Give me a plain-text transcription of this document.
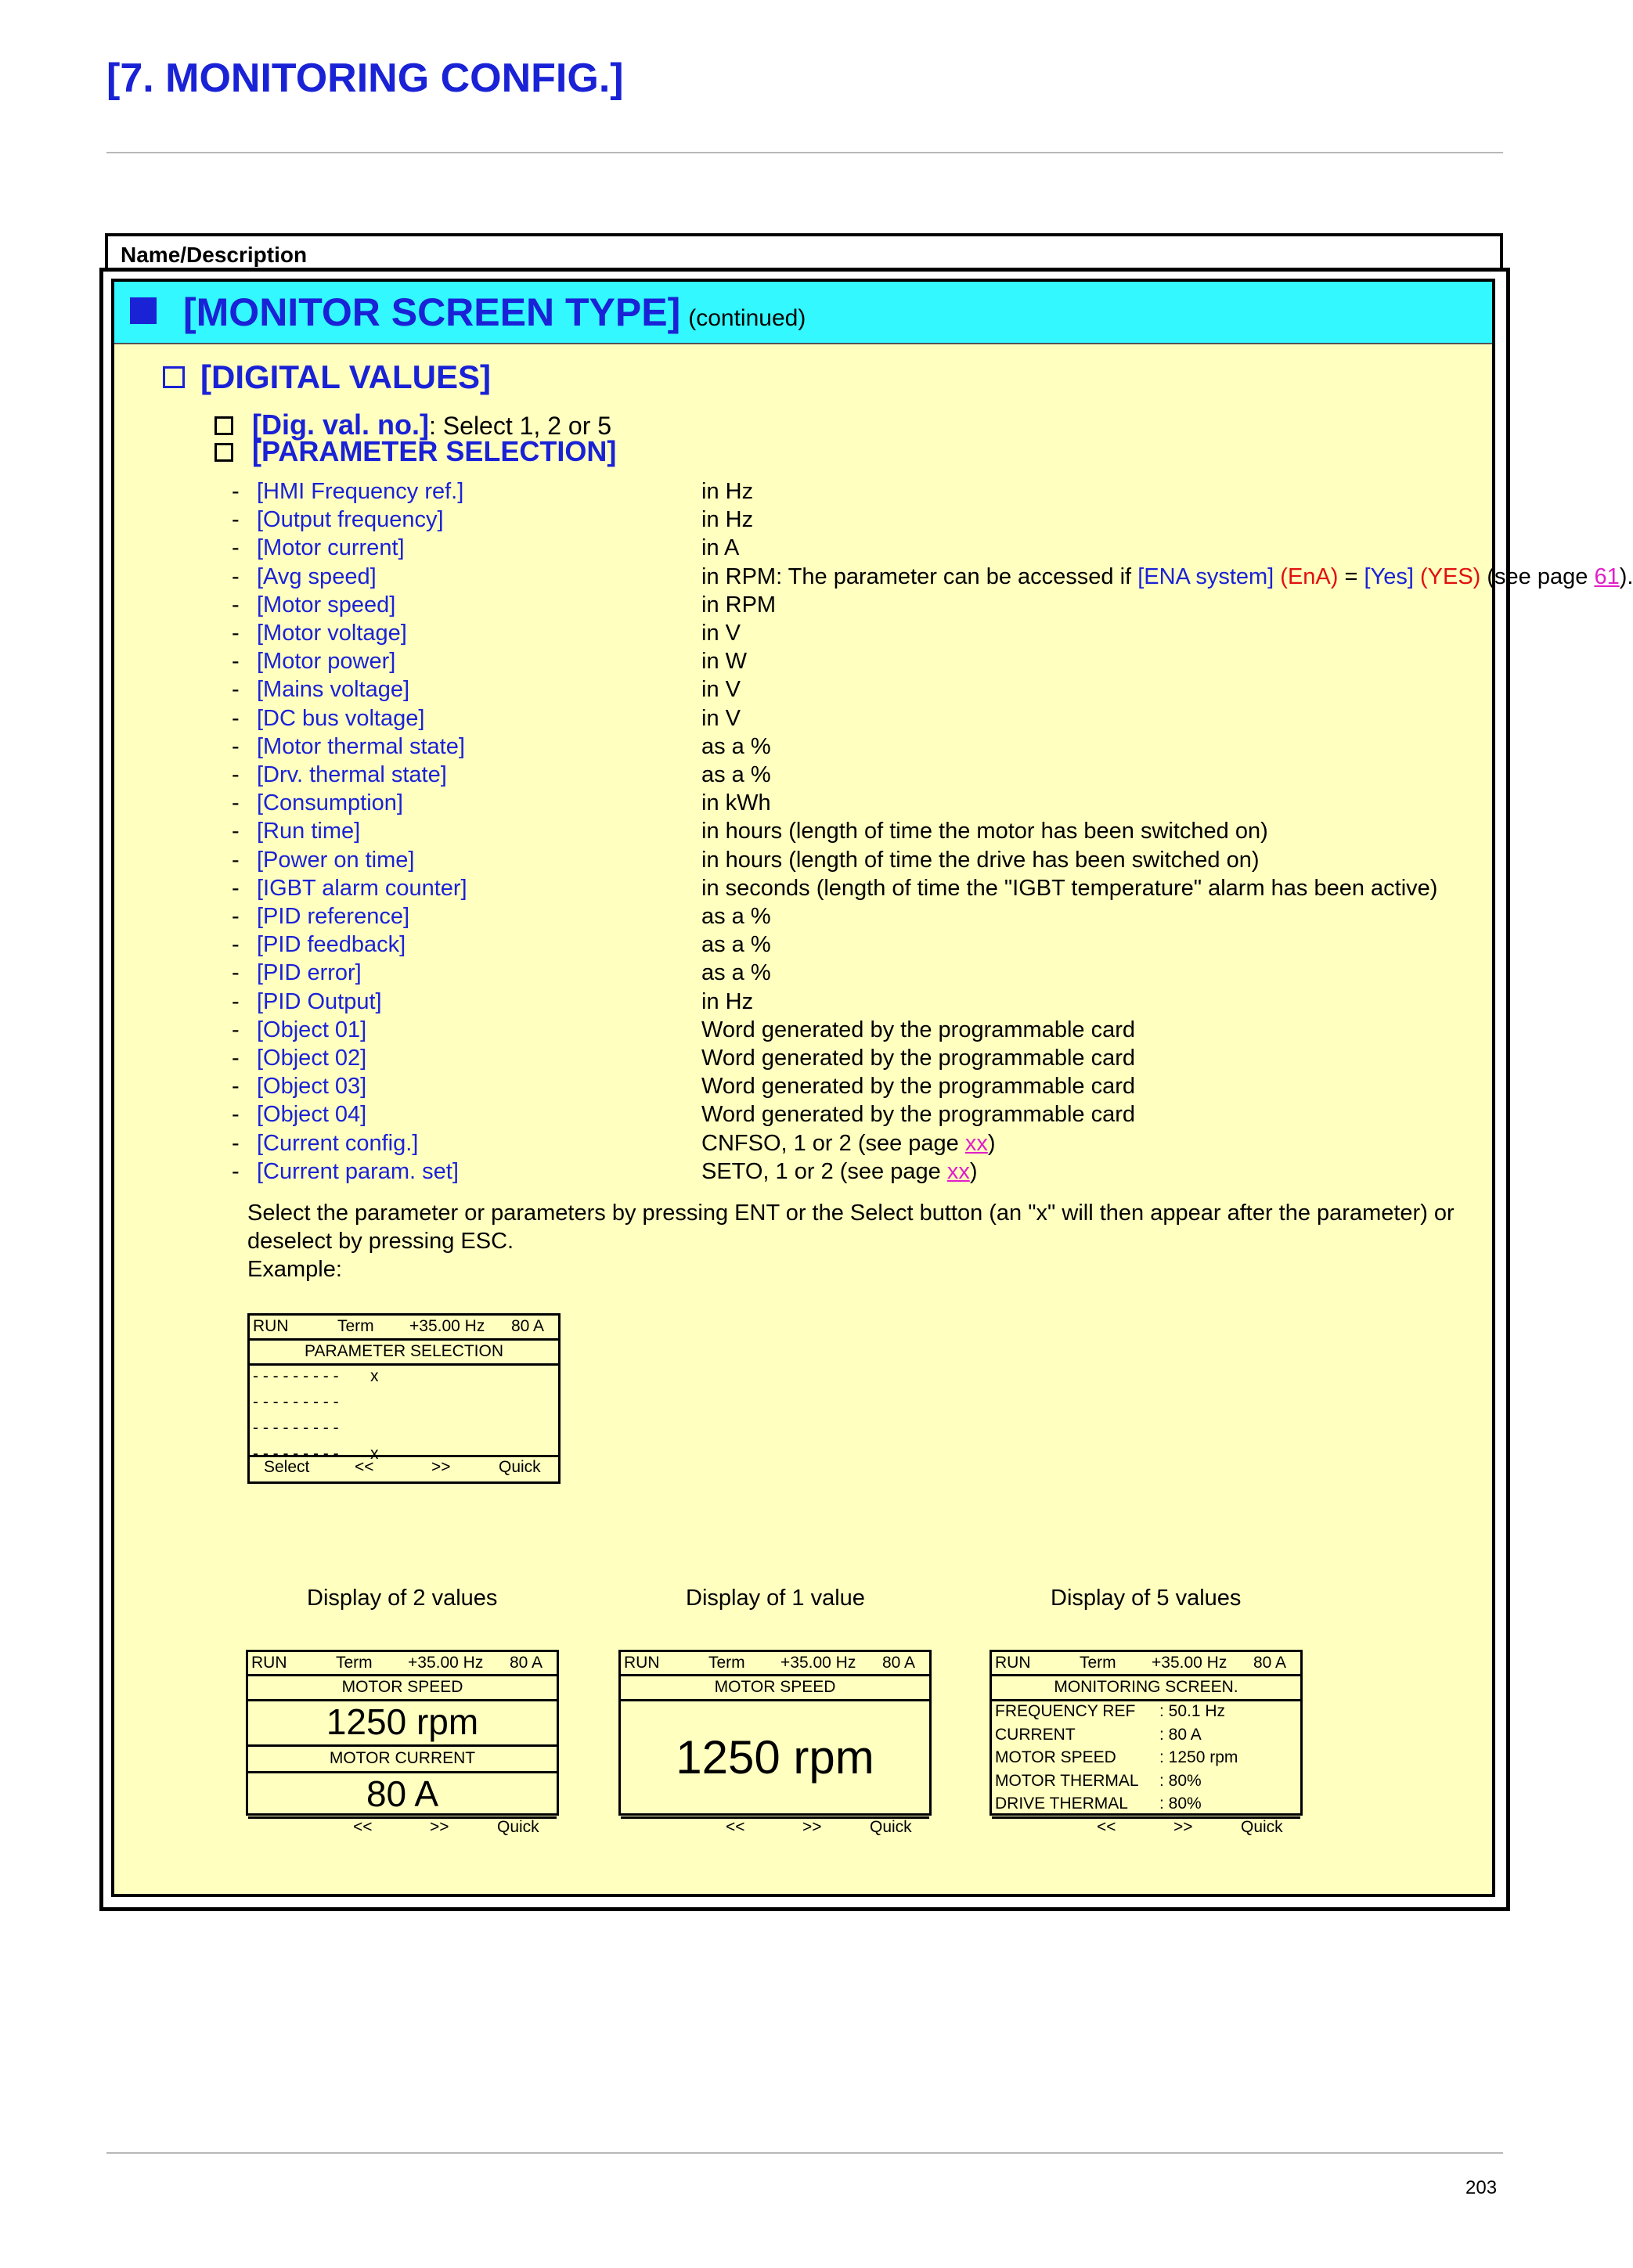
[7. MONITORING CONFIG.]
Name/Description
[MONITOR SCREEN TYPE] (continued)
[DIGITAL VALUES]
[Dig. val. no.]: Select 1, 2 or 5
[PARAMETER SELECTION]
- [HMI Frequency ref.]	in Hz
- [Output frequency]	in Hz
- [Motor current]	in A
- [Avg speed]	in RPM: The parameter can be accessed if [ENA system] (EnA) = [Yes] (YES) (see page 61).
- [Motor speed]	in RPM
- [Motor voltage]	in V
- [Motor power]	in W
- [Mains voltage]	in V
- [DC bus voltage]	in V
- [Motor thermal state]	as a %
- [Drv. thermal state]	as a %
- [Consumption]	in kWh
- [Run time]	in hours (length of time the motor has been switched on)
- [Power on time]	in hours (length of time the drive has been switched on)
- [IGBT alarm counter]	in seconds (length of time the "IGBT temperature" alarm has been active)
- [PID reference]	as a %
- [PID feedback]	as a %
- [PID error]	as a %
- [PID Output]	in Hz
- [Object 01]	Word generated by the programmable card
- [Object 02]	Word generated by the programmable card
- [Object 03]	Word generated by the programmable card
- [Object 04]	Word generated by the programmable card
- [Current config.]	CNFSO, 1 or 2 (see page xx)
- [Current param. set]	SETO, 1 or 2 (see page xx)
Select the parameter or parameters by pressing ENT or the Select button (an "x" will then appear after the parameter) or deselect by pressing ESC.
Example:
RUN	Term +35.00 Hz 80 A
PARAMETER SELECTION
- - - - - - - - - x
- - - - - - - - -
- - - - - - - - -
- - - - - - - - - x
Select	<<	>>	Quick
Display of 2 values	Display of 1 value	Display of 5 values
RUN	Term +35.00 Hz 80 A
MOTOR SPEED
1250 rpm
MOTOR CURRENT
80 A
<<	>>	Quick
RUN	Term +35.00 Hz 80 A
MOTOR SPEED
1250 rpm
<<	>>	Quick
RUN	Term +35.00 Hz 80 A
MONITORING SCREEN.
FREQUENCY REF : 50.1 Hz
CURRENT	: 80 A
MOTOR SPEED	: 1250 rpm
MOTOR THERMAL : 80%
DRIVE THERMAL : 80%
<<	>>	Quick
203
